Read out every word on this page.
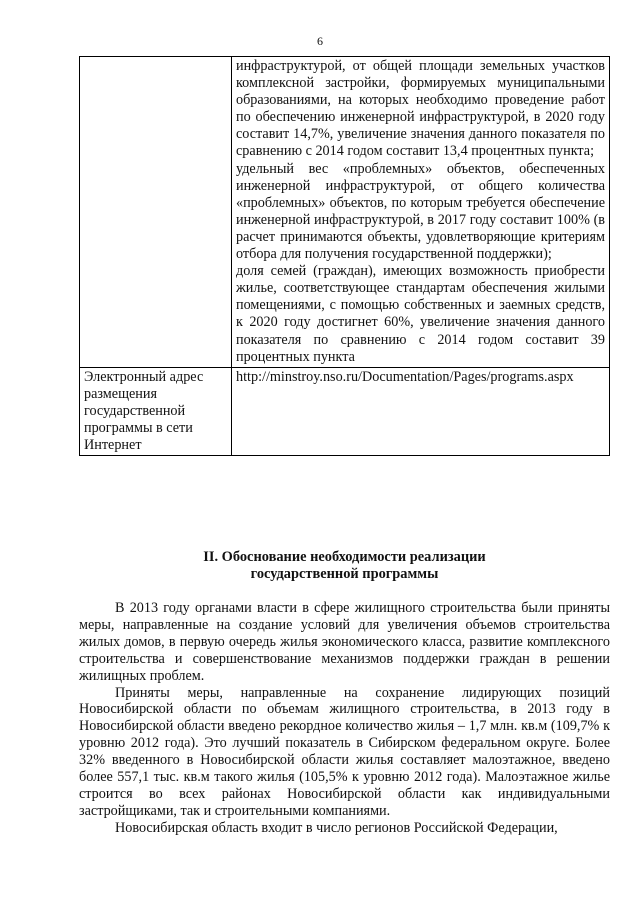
6

	инфраструктурой, от общей площади земельных участков комплексной застройки, формируемых муниципальными образованиями, на которых необходимо проведение работ по обеспечению инженерной инфраструктурой, в 2020 году составит 14,7%, увеличение значения данного показателя по сравнению с 2014 годом составит 13,4 процентных пункта;

удельный вес «проблемных» объектов, обеспеченных инженерной инфраструктурой, от общего количества «проблемных» объектов, по которым требуется обеспечение инженерной инфраструктурой, в 2017 году составит 100% (в расчет принимаются объекты, удовлетворяющие критериям отбора для получения государственной поддержки);

доля семей (граждан), имеющих возможность приобрести жилье, соответствующее стандартам обеспечения жилыми помещениями, с помощью собственных и заемных средств, к 2020 году достигнет 60%, увеличение значения данного показателя по сравнению с 2014 годом составит 39 процентных пункта

Электронный адрес размещения государственной программы в сети Интернет	http://minstroy.nso.ru/Documentation/Pages/programs.aspx
II. Обоснование необходимости реализации
государственной программы

В 2013 году органами власти в сфере жилищного строительства были приняты меры, направленные на создание условий для увеличения объемов строительства жилых домов, в первую очередь жилья экономического класса, развитие комплексного строительства и совершенствование механизмов поддержки граждан в решении жилищных проблем.

Приняты меры, направленные на сохранение лидирующих позиций Новосибирской области по объемам жилищного строительства, в 2013 году в Новосибирской области введено рекордное количество жилья – 1,7 млн. кв.м (109,7% к уровню 2012 года). Это лучший показатель в Сибирском федеральном округе. Более 32% введенного в Новосибирской области жилья составляет малоэтажное, введено более 557,1 тыс. кв.м такого жилья (105,5% к уровню 2012 года). Малоэтажное жилье строится во всех районах Новосибирской области как индивидуальными застройщиками, так и строительными компаниями.

Новосибирская область входит в число регионов Российской Федерации,
